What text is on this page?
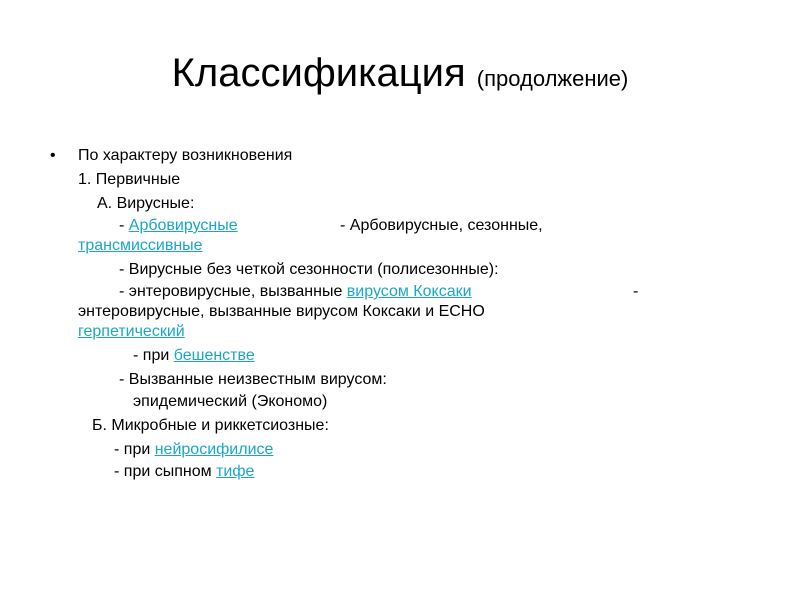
Классификация (продолжение)
• По характеру возникновения
1. Первичные
А. Вирусные:
- Арбовирусные	- Арбовирусные, сезонные,
трансмиссивные
- Вирусные без четкой сезонности (полисезонные):
- энтеровирусные, вызванные вирусом Коксаки	-
энтеровирусные, вызванные вирусом Коксаки и ЕСНО
герпетический
- при бешенстве
- Вызванные неизвестным вирусом:
эпидемический (Экономо)
Б. Микробные и риккетсиозные:
- при нейросифилисе
- при сыпном тифе
